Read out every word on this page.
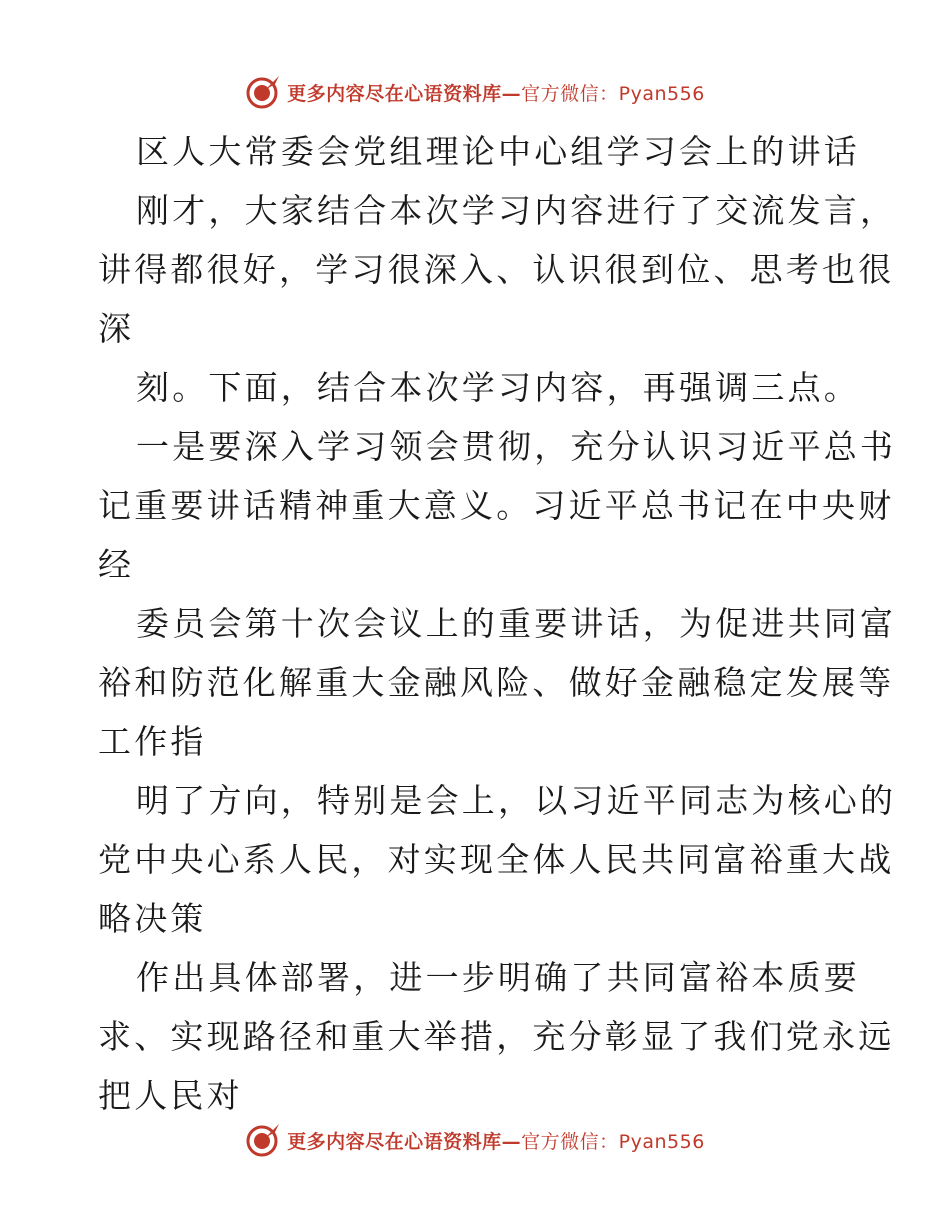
更多内容尽在心语资料库— 官方微信：Pyan556
区人大常委会党组理论中心组学习会上的讲话
刚才，大家结合本次学习内容进行了交流发言，
讲得都很好，学习很深入、认识很到位、思考也很
深
刻。下面，结合本次学习内容，再强调三点。
一是要深入学习领会贯彻，充分认识习近平总书
记重要讲话精神重大意义。习近平总书记在中央财
经
委员会第十次会议上的重要讲话，为促进共同富
裕和防范化解重大金融风险、做好金融稳定发展等
工作指
明了方向，特别是会上，以习近平同志为核心的
党中央心系人民，对实现全体人民共同富裕重大战
略决策
作出具体部署，进一步明确了共同富裕本质要
求、实现路径和重大举措，充分彰显了我们党永远
把人民对
更多内容尽在心语资料库— 官方微信：Pyan556
